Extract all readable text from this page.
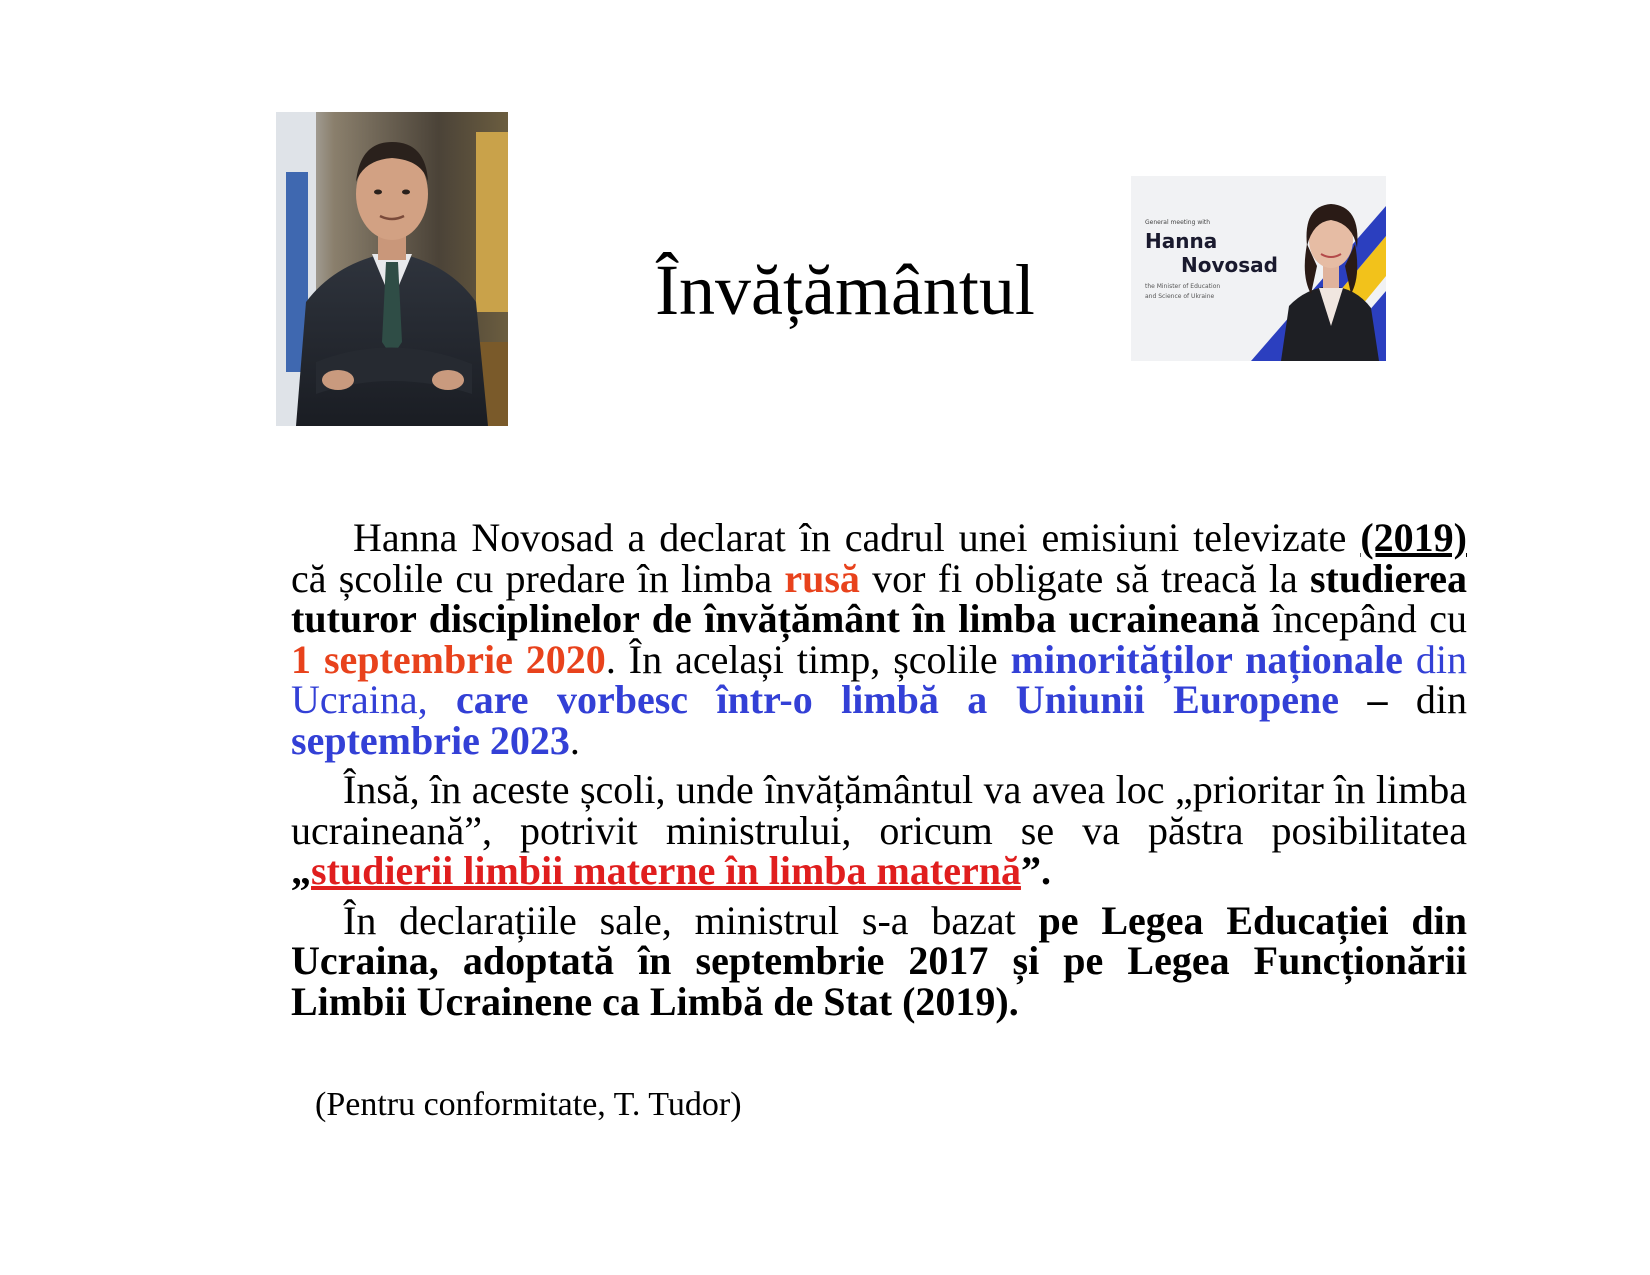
General meeting with
Hanna
Novosad
the Minister of Education
and Science of Ukraine
Învățământul

Hanna Novosad a declarat în cadrul unei emisiuni televizate (2019) că școlile cu predare în limba rusă vor fi obligate să treacă la studierea tuturor disciplinelor de învățământ în limba ucraineană începând cu 1 septembrie 2020. În același timp, școlile minorităților naționale din Ucraina, care vorbesc într-o limbă a Uniunii Europene – din septembrie 2023.

Însă, în aceste școli, unde învățământul va avea loc „prioritar în limba ucraineană”, potrivit ministrului, oricum se va păstra posibilitatea „studierii limbii materne în limba maternă”.

În declarațiile sale, ministrul s-a bazat pe Legea Educației din Ucraina, adoptată în septembrie 2017 și pe Legea Funcționării Limbii Ucrainene ca Limbă de Stat (2019).

(Pentru conformitate, T. Tudor)
